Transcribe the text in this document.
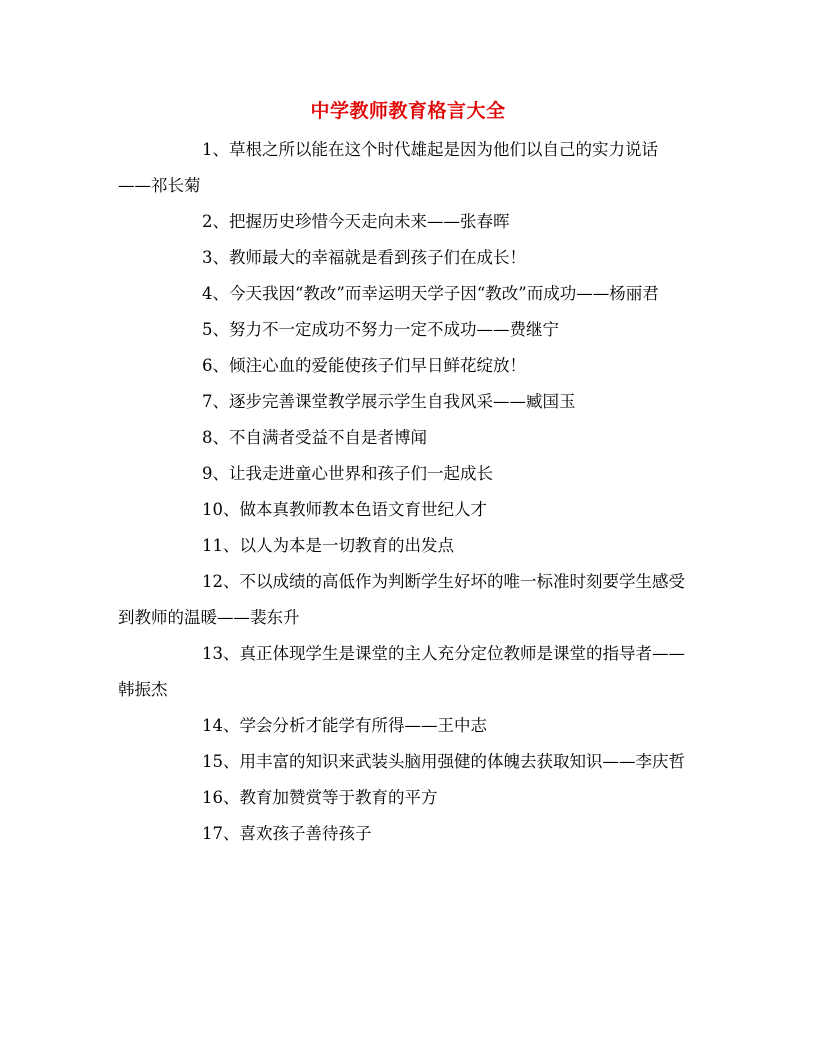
中学教师教育格言大全

1、草根之所以能在这个时代雄起是因为他们以自己的实力说话——祁长菊

2、把握历史珍惜今天走向未来——张春晖

3、教师最大的幸福就是看到孩子们在成长！

4、今天我因“教改”而幸运明天学子因“教改”而成功——杨丽君

5、努力不一定成功不努力一定不成功——费继宁

6、倾注心血的爱能使孩子们早日鲜花绽放！

7、逐步完善课堂教学展示学生自我风采——臧国玉

8、不自满者受益不自是者博闻

9、让我走进童心世界和孩子们一起成长

10、做本真教师教本色语文育世纪人才

11、以人为本是一切教育的出发点

12、不以成绩的高低作为判断学生好坏的唯一标准时刻要学生感受到教师的温暖——裴东升

13、真正体现学生是课堂的主人充分定位教师是课堂的指导者——韩振杰

14、学会分析才能学有所得——王中志

15、用丰富的知识来武装头脑用强健的体魄去获取知识——李庆哲

16、教育加赞赏等于教育的平方

17、喜欢孩子善待孩子
